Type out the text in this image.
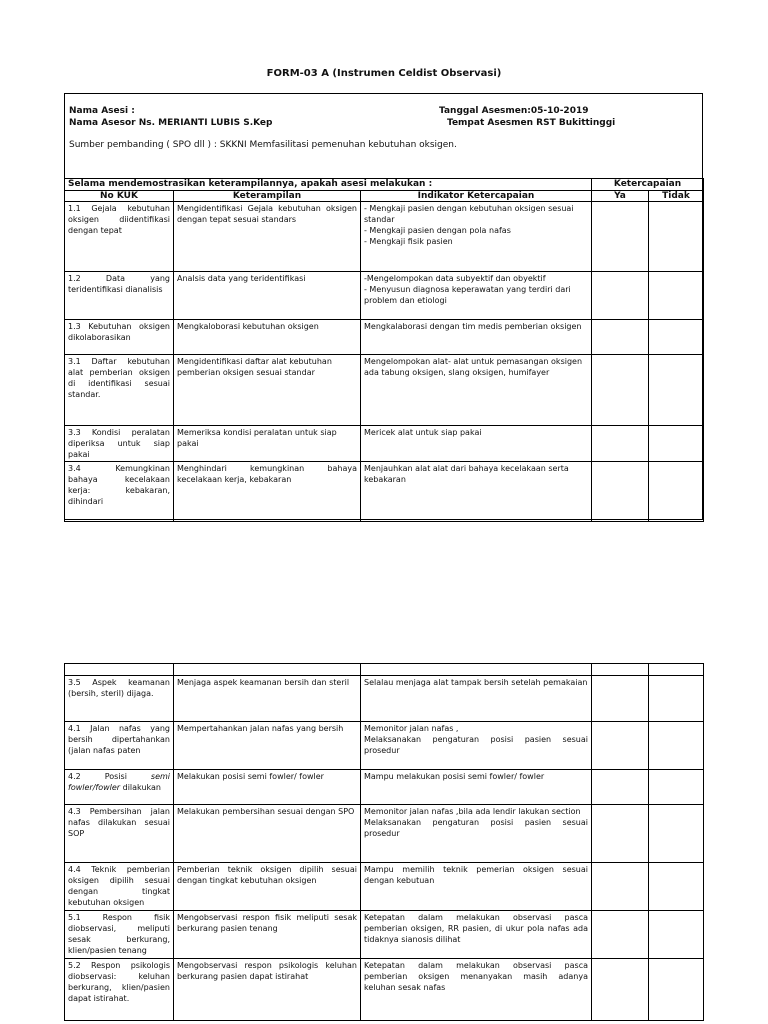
FORM-03 A (Instrumen Celdist Observasi)
Nama Asesi :
Nama Asesor Ns. MERIANTI LUBIS S.Kep
Tanggal Asesmen:05-10-2019
Tempat Asesmen RST Bukittinggi
Sumber pembanding ( SPO dll ) : SKKNI Memfasilitasi pemenuhan kebutuhan oksigen.
Selama mendemostrasikan keterampilannya, apakah asesi melakukan :			Ketercapaian	
No KUK	Keterampilan	Indikator Ketercapaian	Ya	Tidak
1.1 Gejala kebutuhan oksigen diidentifikasi dengan tepat	Mengidentifikasi Gejala kebutuhan oksigen dengan tepat sesuai standars	- Mengkaji pasien dengan kebutuhan oksigen sesuai standar
- Mengkaji pasien dengan pola nafas
- Mengkaji fisik pasien		

1.2 Data yang teridentifikasi dianalisis	Analsis data yang teridentifikasi	-Mengelompokan data subyektif dan obyektif
- Menyusun diagnosa keperawatan yang terdiri dari problem dan etiologi		

1.3 Kebutuhan oksigen dikolaborasikan	Mengkaloborasi kebutuhan oksigen	Mengkalaborasi dengan tim medis pemberian oksigen		

3.1 Daftar kebutuhan alat pemberian oksigen di identifikasi sesuai standar.	Mengidentifikasi daftar alat kebutuhan pemberian oksigen sesuai standar	Mengelompokan alat- alat untuk pemasangan oksigen ada tabung oksigen, slang oksigen, humifayer		

3.3 Kondisi peralatan diperiksa untuk siap pakai	Memeriksa kondisi peralatan untuk siap pakai	Mericek alat untuk siap pakai		

3.4 Kemungkinan bahaya kecelakaan kerja: kebakaran, dihindari	Menghindari kemungkinan bahaya kecelakaan kerja, kebakaran	Menjauhkan alat alat dari bahaya kecelakaan serta kebakaran		

3.5 Aspek keamanan (bersih, steril) dijaga.	Menjaga aspek keamanan bersih dan steril	Selalau menjaga alat tampak bersih setelah pemakaian		

4.1 Jalan nafas yang bersih dipertahankan (jalan nafas paten	Mempertahankan jalan nafas yang bersih	Memonitor jalan nafas ,
Melaksanakan pengaturan posisi pasien sesuai prosedur		

4.2 Posisi semi fowler/fowler dilakukan	Melakukan posisi semi fowler/ fowler	Mampu melakukan posisi semi fowler/ fowler		

4.3 Pembersihan jalan nafas dilakukan sesuai SOP	Melakukan pembersihan sesuai dengan SPO	Memonitor jalan nafas ,bila ada lendir lakukan section
Melaksanakan pengaturan posisi pasien sesuai prosedur		

4.4 Teknik pemberian oksigen dipilih sesuai dengan tingkat kebutuhan oksigen	Pemberian teknik oksigen dipilih sesuai dengan tingkat kebutuhan oksigen	Mampu memilih teknik pemerian oksigen sesuai dengan kebutuan		

5.1 Respon fisik diobservasi, meliputi sesak berkurang, klien/pasien tenang	Mengobservasi respon fisik meliputi sesak berkurang pasien tenang	Ketepatan dalam melakukan observasi pasca pemberian oksigen, RR pasien, di ukur pola nafas ada tidaknya sianosis dilihat		

5.2 Respon psikologis diobservasi: keluhan berkurang, klien/pasien dapat istirahat.	Mengobservasi respon psikologis keluhan berkurang pasien dapat istirahat	Ketepatan dalam melakukan observasi pasca pemberian oksigen menanyakan masih adanya keluhan sesak nafas		
